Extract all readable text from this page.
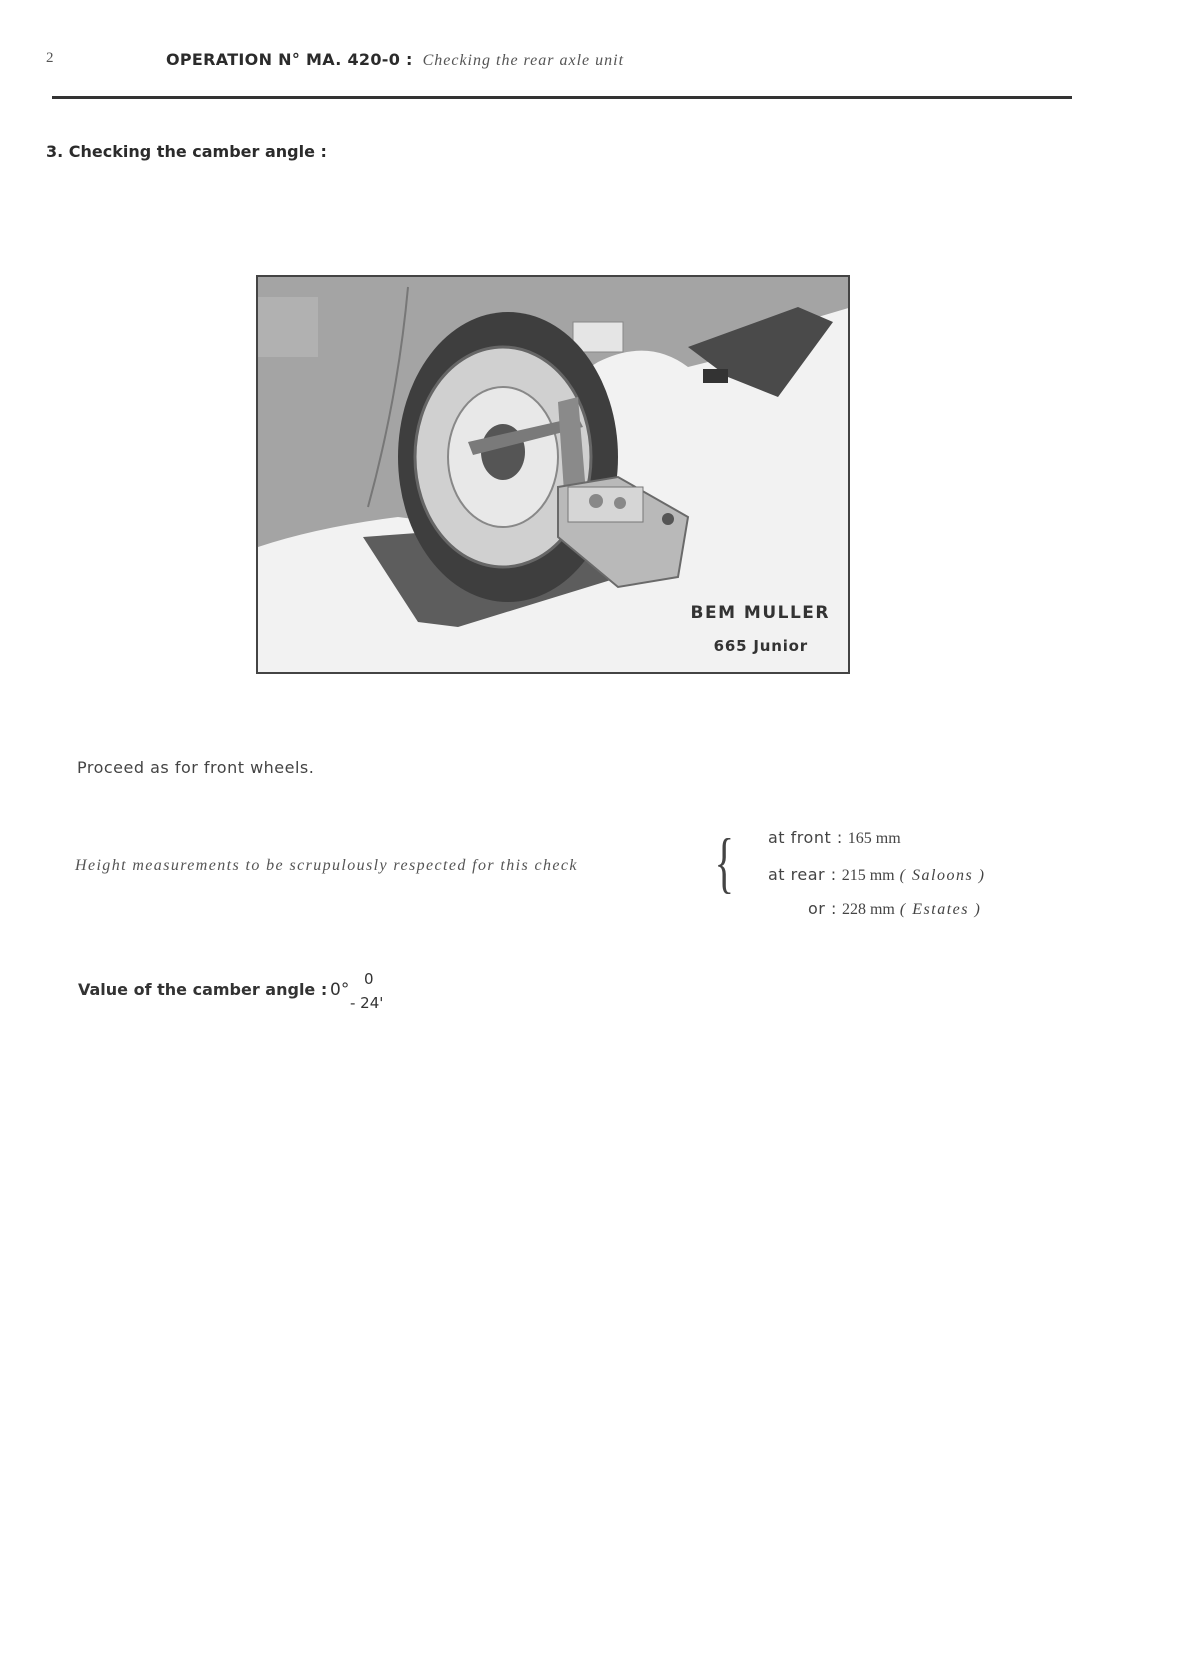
2	OPERATION N° MA. 420-0 : Checking the rear axle unit
3. Checking the camber angle :
BEM MULLER
665 Junior
Proceed as for front wheels.
Height measurements to be scrupulously respected for this check { at front : 165 mm
at rear : 215 mm ( Saloons )
or : 228 mm ( Estates )
Value of the camber angle : 0°
0
- 24'
